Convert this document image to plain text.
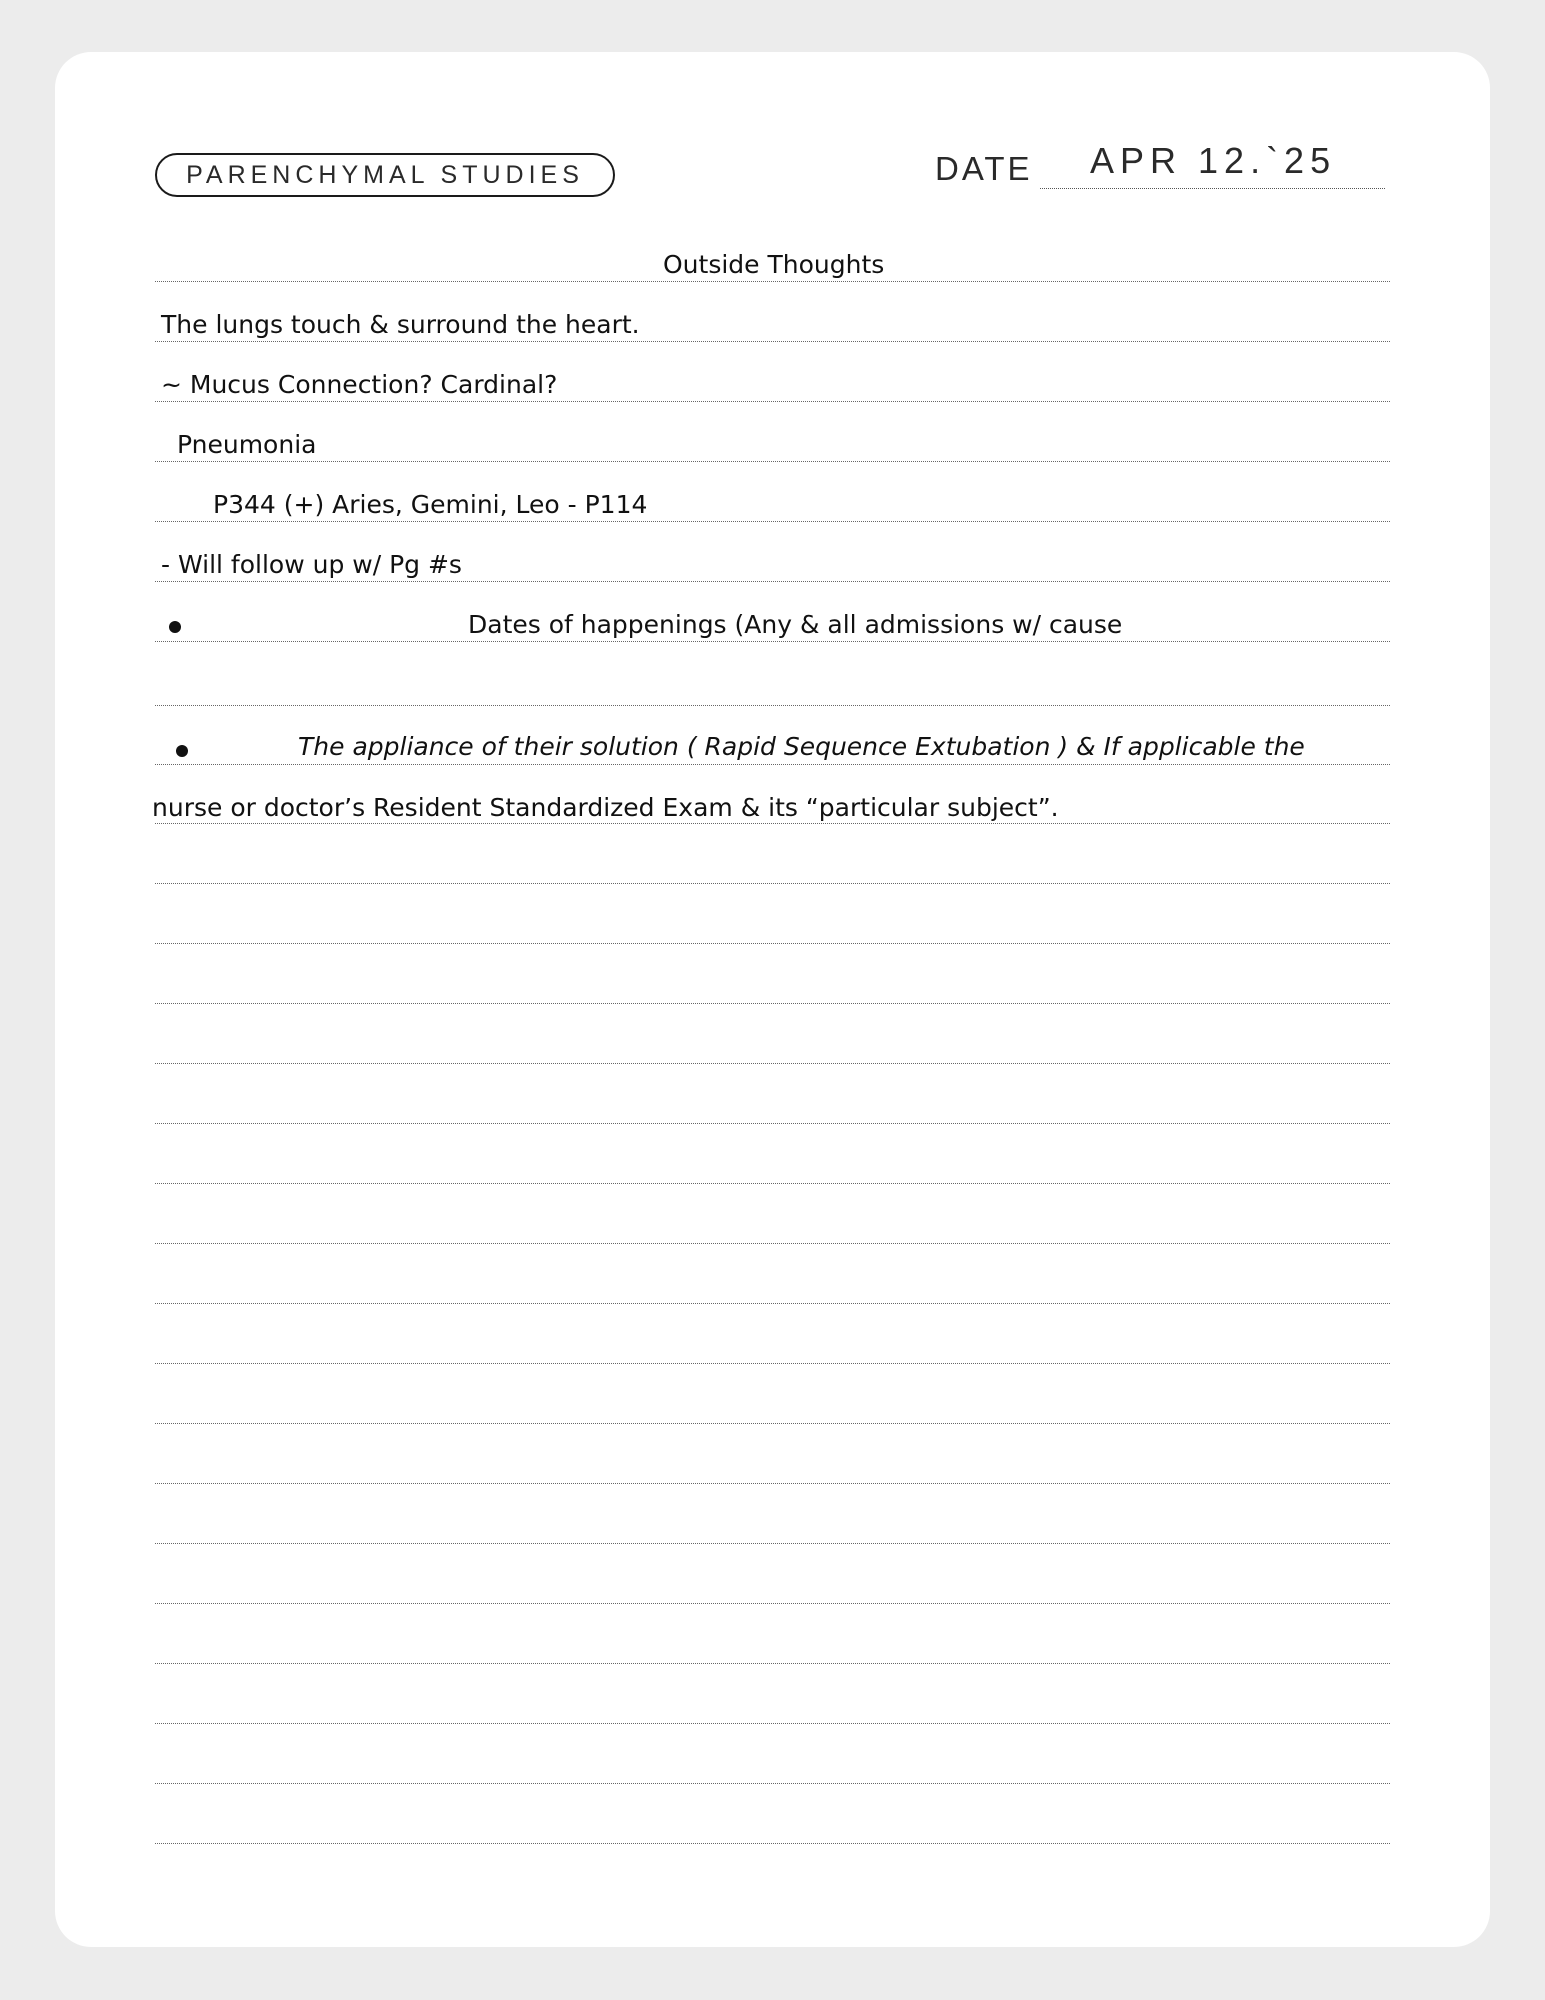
PARENCHYMAL STUDIES	DATE APR 12.`25
Outside Thoughts
The lungs touch & surround the heart.
~ Mucus Connection? Cardinal?
Pneumonia
P344 (+) Aries, Gemini, Leo - P114
- Will follow up w/ Pg #s
Dates of happenings (Any & all admissions w/ cause
The appliance of their solution ( Rapid Sequence Extubation ) & If applicable the
nurse or doctor’s Resident Standardized Exam & its “particular subject”.
